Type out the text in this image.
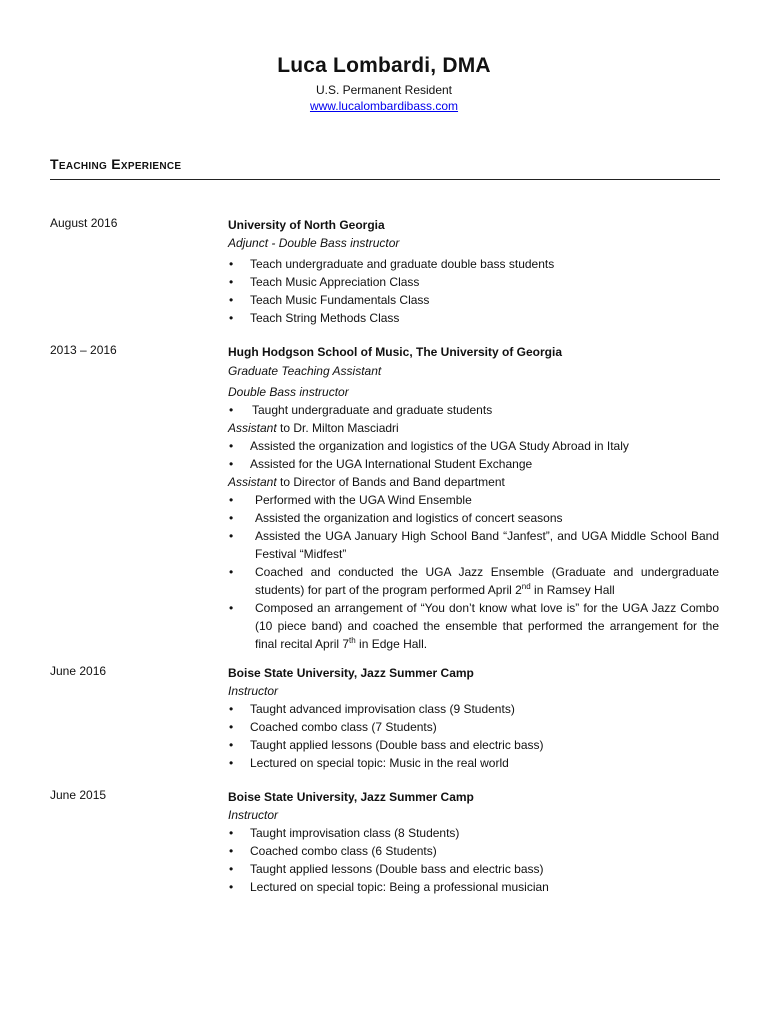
Luca Lombardi, DMA
U.S. Permanent Resident
www.lucalombardibass.com
Teaching Experience
August 2016	University of North Georgia
Adjunct - Double Bass instructor
• Teach undergraduate and graduate double bass students
• Teach Music Appreciation Class
• Teach Music Fundamentals Class
• Teach String Methods Class
2013 – 2016	Hugh Hodgson School of Music, The University of Georgia
Graduate Teaching Assistant
Double Bass instructor
• Taught undergraduate and graduate students
Assistant to Dr. Milton Masciadri
• Assisted the organization and logistics of the UGA Study Abroad in Italy
• Assisted for the UGA International Student Exchange
Assistant to Director of Bands and Band department
• Performed with the UGA Wind Ensemble
• Assisted the organization and logistics of concert seasons
• Assisted the UGA January High School Band “Janfest”, and UGA Middle School Band Festival “Midfest”
• Coached and conducted the UGA Jazz Ensemble (Graduate and undergraduate students) for part of the program performed April 2nd in Ramsey Hall
• Composed an arrangement of “You don’t know what love is” for the UGA Jazz Combo (10 piece band) and coached the ensemble that performed the arrangement for the final recital April 7th in Edge Hall.
June 2016	Boise State University, Jazz Summer Camp
Instructor
• Taught advanced improvisation class (9 Students)
• Coached combo class (7 Students)
• Taught applied lessons (Double bass and electric bass)
• Lectured on special topic: Music in the real world
June 2015	Boise State University, Jazz Summer Camp
Instructor
• Taught improvisation class (8 Students)
• Coached combo class (6 Students)
• Taught applied lessons (Double bass and electric bass)
• Lectured on special topic: Being a professional musician
